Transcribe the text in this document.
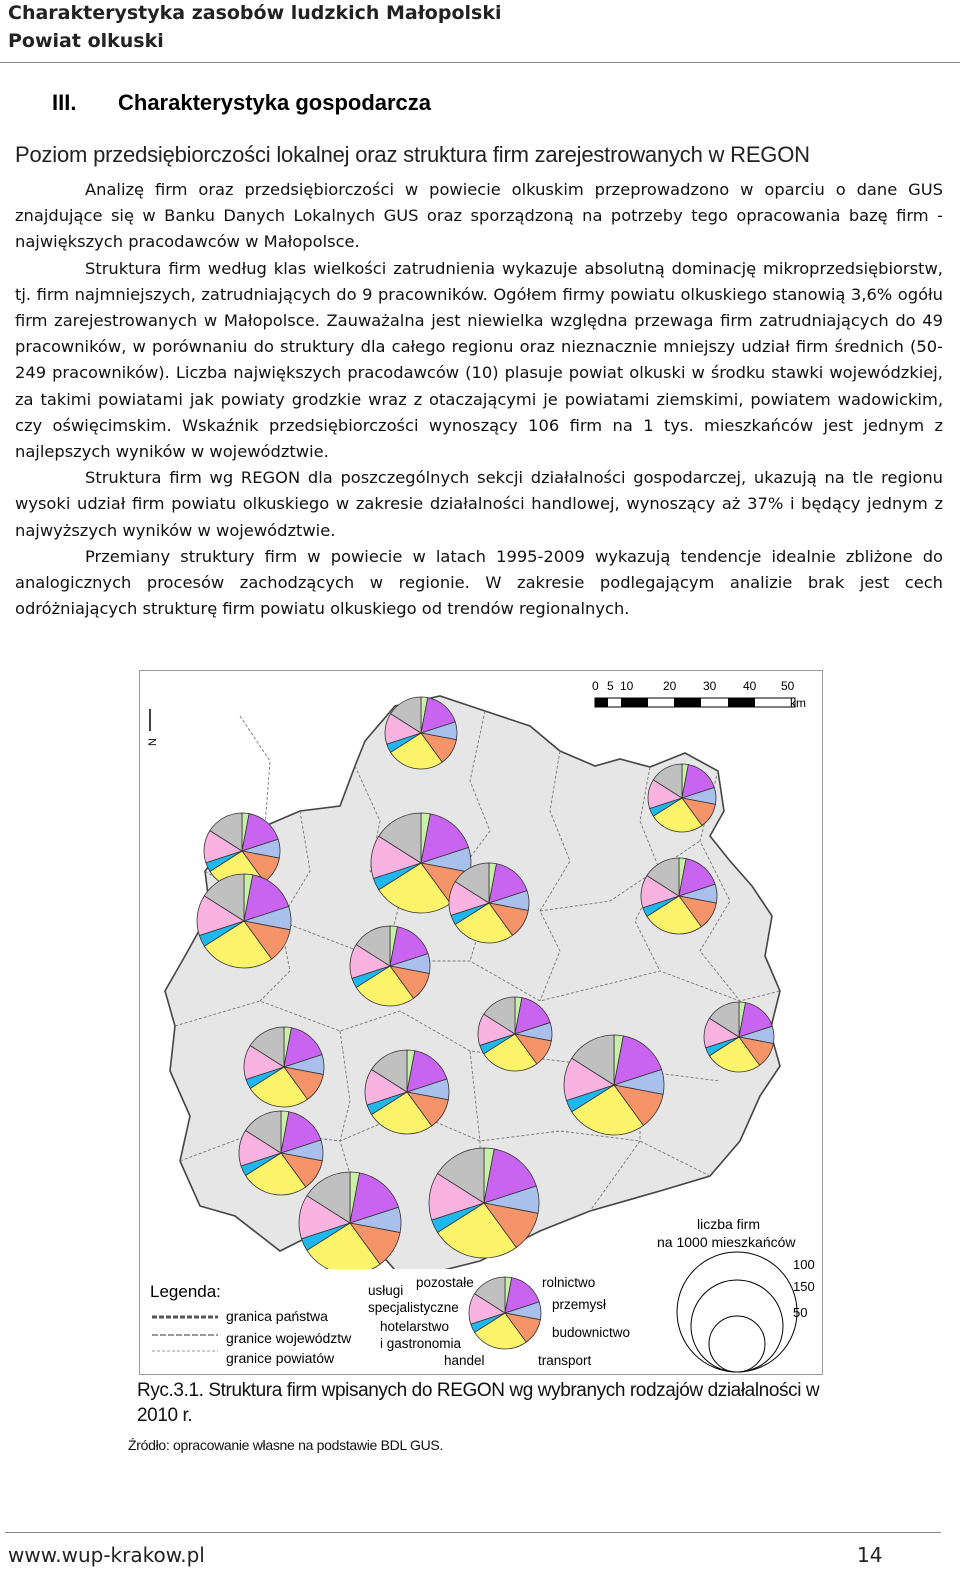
Charakterystyka zasobów ludzkich Małopolski
Powiat olkuski
III. Charakterystyka gospodarcza
Poziom przedsiębiorczości lokalnej oraz struktura firm zarejestrowanych w REGON

Analizę firm oraz przedsiębiorczości w powiecie olkuskim przeprowadzono w oparciu o dane GUS znajdujące się w Banku Danych Lokalnych GUS oraz sporządzoną na potrzeby tego opracowania bazę firm - największych pracodawców w Małopolsce.

Struktura firm według klas wielkości zatrudnienia wykazuje absolutną dominację mikroprzedsiębiorstw, tj. firm najmniejszych, zatrudniających do 9 pracowników. Ogółem firmy powiatu olkuskiego stanowią 3,6% ogółu firm zarejestrowanych w Małopolsce. Zauważalna jest niewielka względna przewaga firm zatrudniających do 49 pracowników, w porównaniu do struktury dla całego regionu oraz nieznacznie mniejszy udział firm średnich (50-249 pracowników). Liczba największych pracodawców (10) plasuje powiat olkuski w środku stawki wojewódzkiej, za takimi powiatami jak powiaty grodzkie wraz z otaczającymi je powiatami ziemskimi, powiatem wadowickim, czy oświęcimskim. Wskaźnik przedsiębiorczości wynoszący 106 firm na 1 tys. mieszkańców jest jednym z najlepszych wyników w województwie.

Struktura firm wg REGON dla poszczególnych sekcji działalności gospodarczej, ukazują na tle regionu wysoki udział firm powiatu olkuskiego w zakresie działalności handlowej, wynoszący aż 37% i będący jednym z najwyższych wyników w województwie.

Przemiany struktury firm w powiecie w latach 1995-2009 wykazują tendencje idealnie zbliżone do analogicznych procesów zachodzących w regionie. W zakresie podlegającym analizie brak jest cech odróżniających strukturę firm powiatu olkuskiego od trendów regionalnych.

N
0 5 10 20 30 40 50
km
Legenda:
granica państwa
granice województw
granice powiatów
usługi
specjalistyczne
pozostałe	rolnictwo
przemysł
budownictwo
hotelarstwo
i gastronomia
handel	transport
liczba firm
na 1000 mieszkańców
100
150
50
Ryc.3.1. Struktura firm wpisanych do REGON wg wybranych rodzajów działalności w 2010 r.
Źródło: opracowanie własne na podstawie BDL GUS.
www.wup-krakow.pl	14
